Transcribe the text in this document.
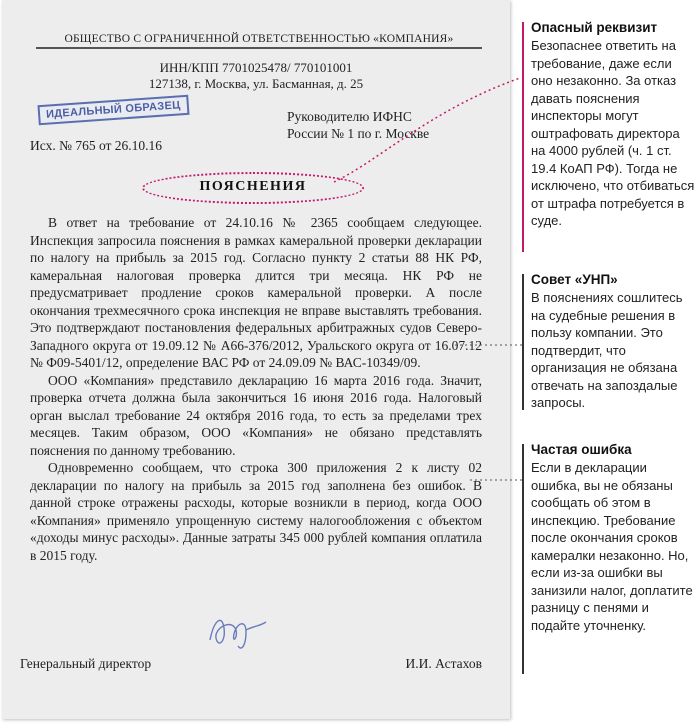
ОБЩЕСТВО С ОГРАНИЧЕННОЙ ОТВЕТСТВЕННОСТЬЮ «КОМПАНИЯ»
ИНН/КПП 7701025478/ 770101001
127138, г. Москва, ул. Басманная, д. 25
ИДЕАЛЬНЫЙ ОБРАЗЕЦ	Руководителю ИФНС
России № 1 по г. Москве
Исх. № 765 от 26.10.16
ПОЯСНЕНИЯ

В ответ на требование от 24.10.16 № 2365 сообщаем следующее. Инспекция запросила пояснения в рамках камеральной проверки декларации по налогу на прибыль за 2015 год. Согласно пункту 2 статьи 88 НК РФ, камеральная налоговая проверка длится три месяца. НК РФ не предусматривает продление сроков камеральной проверки. А после окончания трехмесячного срока инспекция не вправе выставлять требования. Это подтверждают постановления федеральных арбитражных судов Северо-Западного округа от 19.09.12 № А66-376/2012, Уральского округа от 16.07.12 № Ф09-5401/12, определение ВАС РФ от 24.09.09 № ВАС-10349/09.

ООО «Компания» представило декларацию 16 марта 2016 года. Значит, проверка отчета должна была закончиться 16 июня 2016 года. Налоговый орган выслал требование 24 октября 2016 года, то есть за пределами трех месяцев. Таким образом, ООО «Компания» не обязано представлять пояснения по данному требованию.

Одновременно сообщаем, что строка 300 приложения 2 к листу 02 декларации по налогу на прибыль за 2015 год заполнена без ошибок. В данной строке отражены расходы, которые возникли в период, когда ООО «Компания» применяло упрощенную систему налогообложения с объектом «доходы минус расходы». Данные затраты 345 000 рублей компания оплатила в 2015 году.

Генеральный директор	И.И. Астахов
Опасный реквизит
Безопаснее ответить на требование, даже если оно незаконно. За отказ давать пояснения инспекторы могут оштрафовать директора на 4000 рублей (ч. 1 ст. 19.4 КоАП РФ). Тогда не исключено, что отбиваться от штрафа потребуется в суде.
Совет «УНП»
В пояснениях сошлитесь на судебные решения в пользу компании. Это подтвердит, что организация не обязана отвечать на запоздалые запросы.
Частая ошибка
Если в декларации ошибка, вы не обязаны сообщать об этом в инспекцию. Требование после окончания сроков камералки незаконно. Но, если из-за ошибки вы занизили налог, доплатите разницу с пенями и подайте уточненку.
